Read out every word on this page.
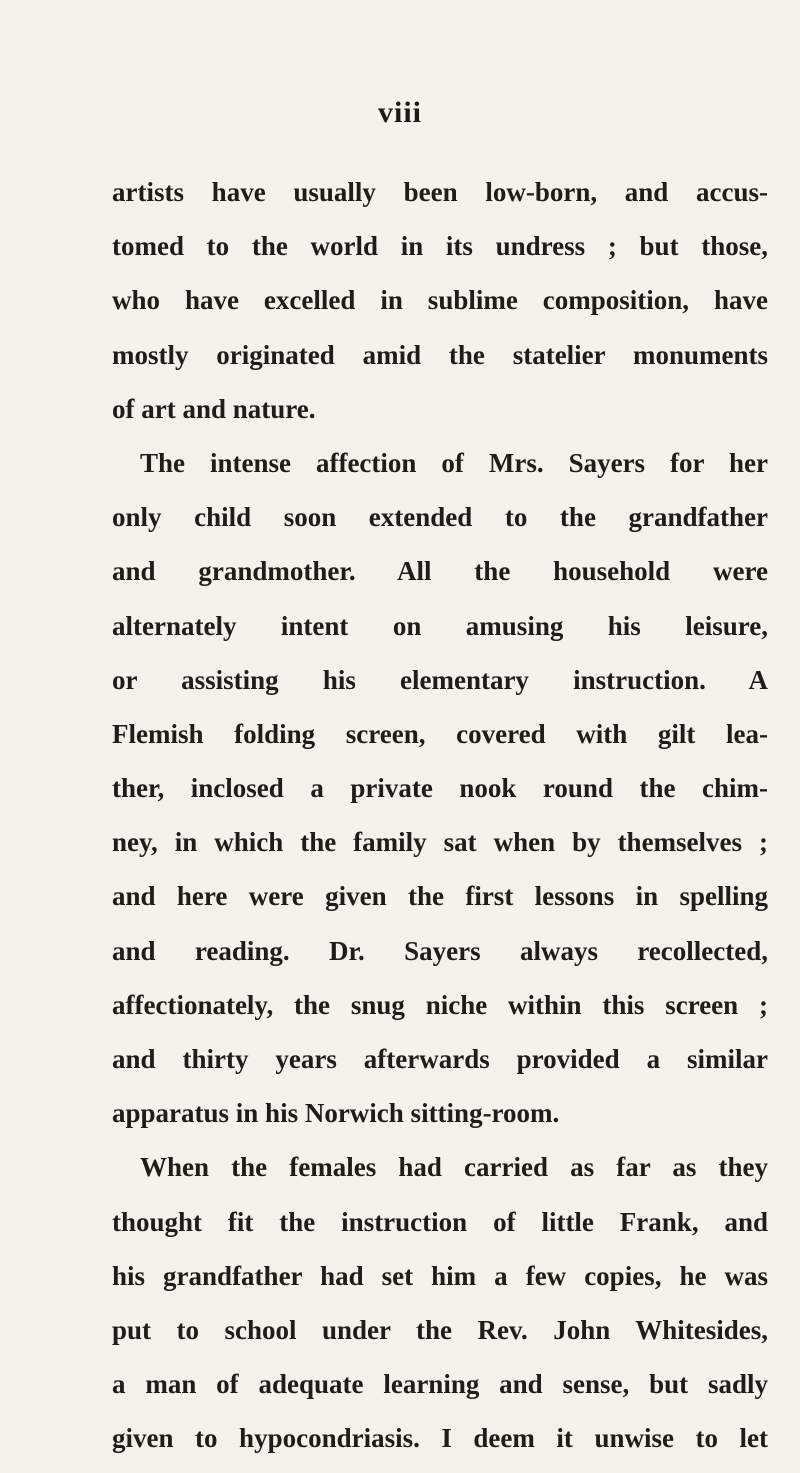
viii
artists have usually been low-born, and accus-
tomed to the world in its undress ; but those,
who have excelled in sublime composition, have
mostly originated amid the statelier monuments
of art and nature.
The intense affection of Mrs. Sayers for her
only child soon extended to the grandfather
and grandmother. All the household were
alternately intent on amusing his leisure,
or assisting his elementary instruction. A
Flemish folding screen, covered with gilt lea-
ther, inclosed a private nook round the chim-
ney, in which the family sat when by themselves ;
and here were given the first lessons in spelling
and reading. Dr. Sayers always recollected,
affectionately, the snug niche within this screen ;
and thirty years afterwards provided a similar
apparatus in his Norwich sitting-room.
When the females had carried as far as they
thought fit the instruction of little Frank, and
his grandfather had set him a few copies, he was
put to school under the Rev. John Whitesides,
a man of adequate learning and sense, but sadly
given to hypocondriasis. I deem it unwise to let
